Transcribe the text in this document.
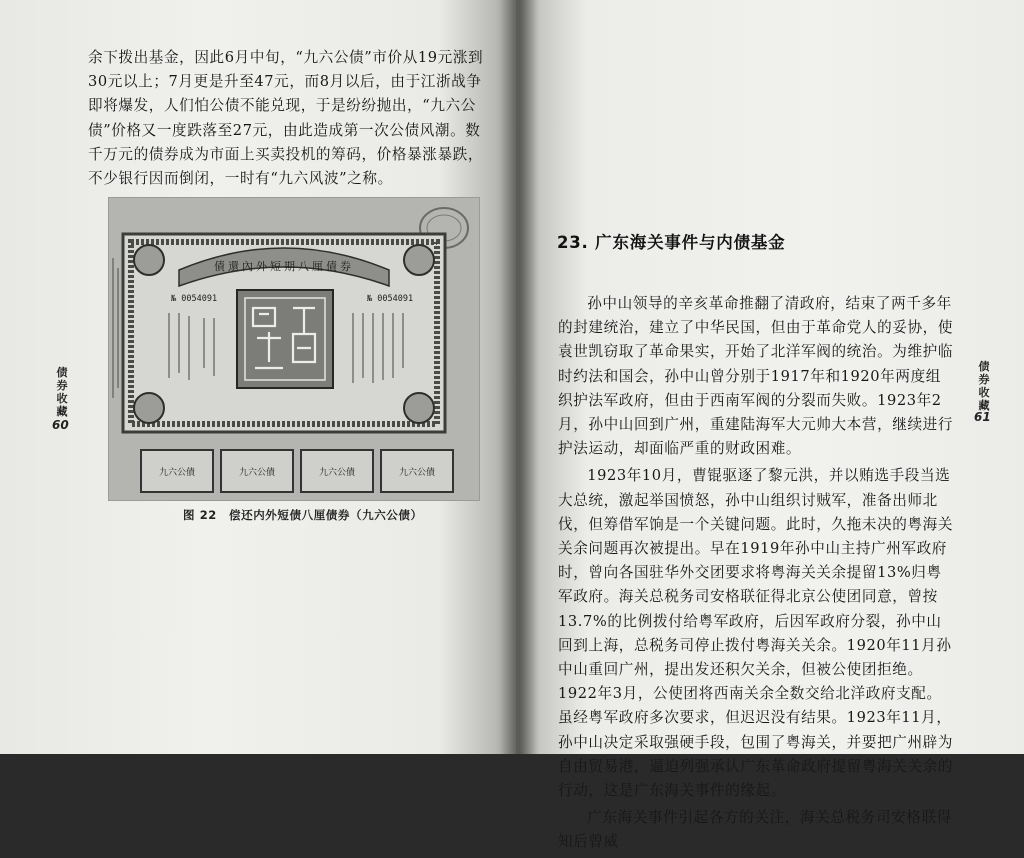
余下拨出基金，因此6月中旬，“九六公债”市价从19元涨到30元以上；7月更是升至47元，而8月以后，由于江浙战争即将爆发，人们怕公债不能兑现，于是纷纷抛出，“九六公债”价格又一度跌落至27元，由此造成第一次公债风潮。数千万元的债券成为市面上买卖投机的筹码，价格暴涨暴跌，不少银行因而倒闭，一时有“九六风波”之称。

債還內外短期八厘債券
№ 0054091	№ 0054091
九六公債	九六公債	九六公債	九六公債
图 22　偿还内外短债八厘债券（九六公债）
债券收藏
60
23. 广东海关事件与内债基金

孙中山领导的辛亥革命推翻了清政府，结束了两千多年的封建统治，建立了中华民国，但由于革命党人的妥协，使袁世凯窃取了革命果实，开始了北洋军阀的统治。为维护临时约法和国会，孙中山曾分别于1917年和1920年两度组织护法军政府，但由于西南军阀的分裂而失败。1923年2月，孙中山回到广州，重建陆海军大元帅大本营，继续进行护法运动，却面临严重的财政困难。

1923年10月，曹锟驱逐了黎元洪，并以贿选手段当选大总统，激起举国愤怒，孙中山组织讨贼军，准备出师北伐，但筹借军饷是一个关键问题。此时，久拖未决的粤海关关余问题再次被提出。早在1919年孙中山主持广州军政府时，曾向各国驻华外交团要求将粤海关关余提留13%归粤军政府。海关总税务司安格联征得北京公使团同意，曾按13.7%的比例拨付给粤军政府，后因军政府分裂，孙中山回到上海，总税务司停止拨付粤海关关余。1920年11月孙中山重回广州，提出发还积欠关余，但被公使团拒绝。1922年3月，公使团将西南关余全数交给北洋政府支配。虽经粤军政府多次要求，但迟迟没有结果。1923年11月，孙中山决定采取强硬手段，包围了粤海关，并要把广州辟为自由贸易港，逼迫列强承认广东革命政府提留粤海关关余的行动，这是广东海关事件的缘起。

广东海关事件引起各方的关注，海关总税务司安格联得知后曾威

债券收藏
61
